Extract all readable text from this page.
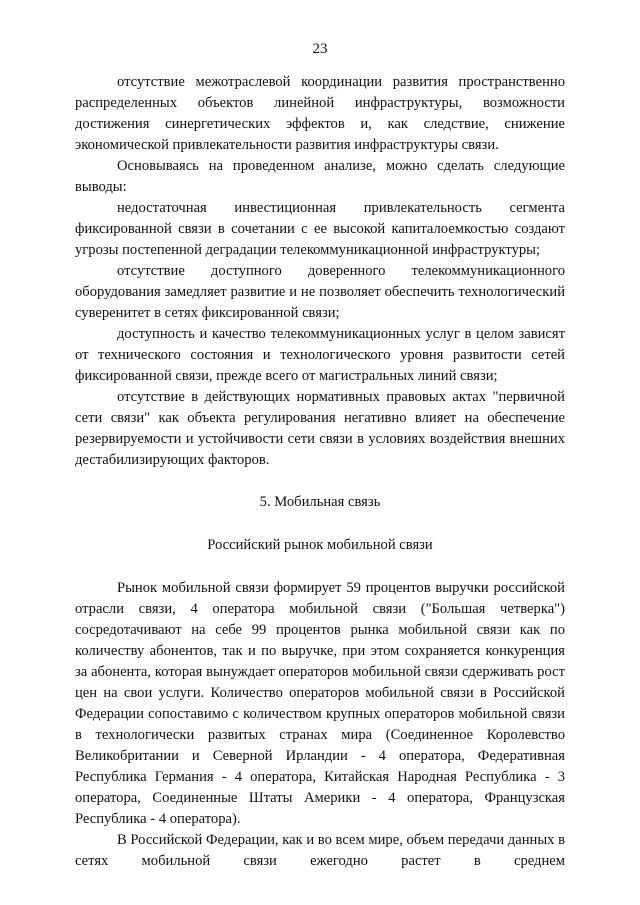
23

отсутствие межотраслевой координации развития пространственно распределенных объектов линейной инфраструктуры, возможности достижения синергетических эффектов и, как следствие, снижение экономической привлекательности развития инфраструктуры связи.

Основываясь на проведенном анализе, можно сделать следующие выводы:

недостаточная инвестиционная привлекательность сегмента фиксированной связи в сочетании с ее высокой капиталоемкостью создают угрозы постепенной деградации телекоммуникационной инфраструктуры;

отсутствие доступного доверенного телекоммуникационного оборудования замедляет развитие и не позволяет обеспечить технологический суверенитет в сетях фиксированной связи;

доступность и качество телекоммуникационных услуг в целом зависят от технического состояния и технологического уровня развитости сетей фиксированной связи, прежде всего от магистральных линий связи;

отсутствие в действующих нормативных правовых актах "первичной сети связи" как объекта регулирования негативно влияет на обеспечение резервируемости и устойчивости сети связи в условиях воздействия внешних дестабилизирующих факторов.

5. Мобильная связь

Российский рынок мобильной связи

Рынок мобильной связи формирует 59 процентов выручки российской отрасли связи, 4 оператора мобильной связи ("Большая четверка") сосредотачивают на себе 99 процентов рынка мобильной связи как по количеству абонентов, так и по выручке, при этом сохраняется конкуренция за абонента, которая вынуждает операторов мобильной связи сдерживать рост цен на свои услуги. Количество операторов мобильной связи в Российской Федерации сопоставимо с количеством крупных операторов мобильной связи в технологически развитых странах мира (Соединенное Королевство Великобритании и Северной Ирландии - 4 оператора, Федеративная Республика Германия - 4 оператора, Китайская Народная Республика - 3 оператора, Соединенные Штаты Америки - 4 оператора, Французская Республика - 4 оператора).

В Российской Федерации, как и во всем мире, объем передачи данных в сетях мобильной связи ежегодно растет в среднем
